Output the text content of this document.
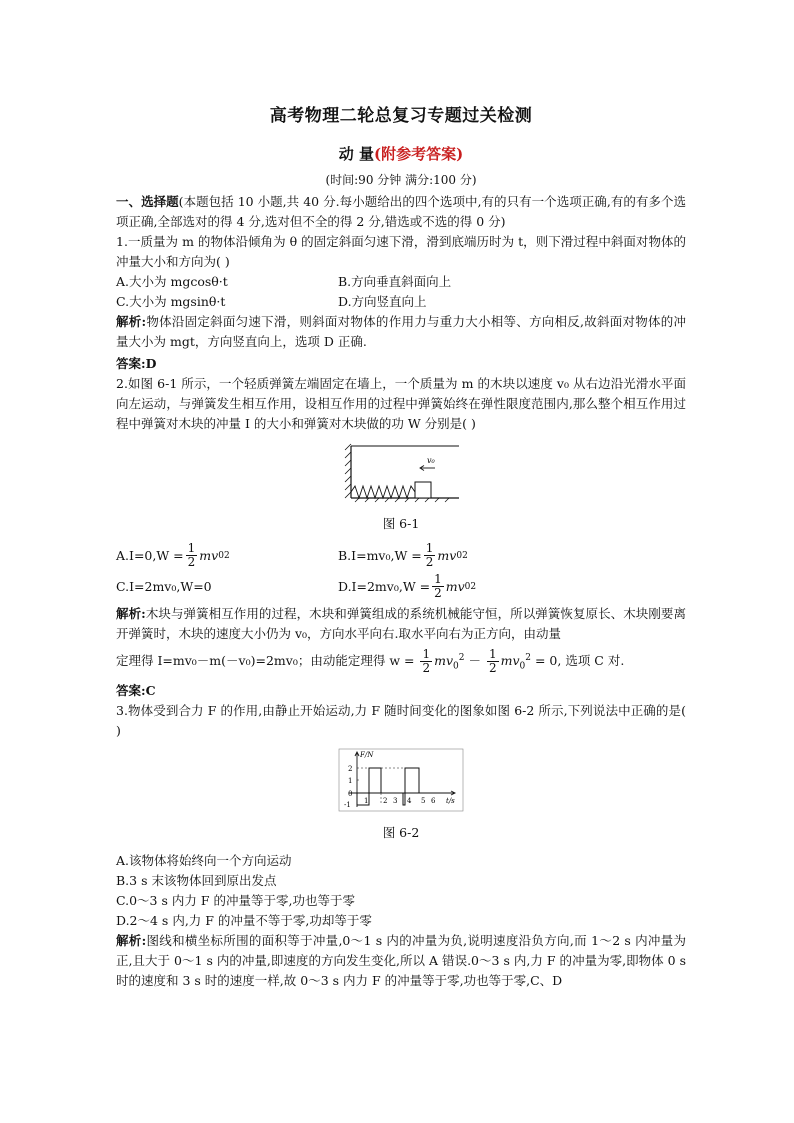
高考物理二轮总复习专题过关检测
动 量(附参考答案)
(时间:90 分钟 满分:100 分)

一、选择题(本题包括 10 小题,共 40 分.每小题给出的四个选项中,有的只有一个选项正确,有的有多个选项正确,全部选对的得 4 分,选对但不全的得 2 分,错选或不选的得 0 分)

1.一质量为 m 的物体沿倾角为 θ 的固定斜面匀速下滑，滑到底端历时为 t，则下滑过程中斜面对物体的冲量大小和方向为( )

A.大小为 mgcosθ·t	B.方向垂直斜面向上
C.大小为 mgsinθ·t	D.方向竖直向上

解析:物体沿固定斜面匀速下滑，则斜面对物体的作用力与重力大小相等、方向相反,故斜面对物体的冲量大小为 mgt，方向竖直向上，选项 D 正确.

答案:D

2.如图 6-1 所示，一个轻质弹簧左端固定在墙上，一个质量为 m 的木块以速度 v₀ 从右边沿光滑水平面向左运动，与弹簧发生相互作用，设相互作用的过程中弹簧始终在弹性限度范围内,那么整个相互作用过程中弹簧对木块的冲量 I 的大小和弹簧对木块做的功 W 分别是( )

v₀
图 6-1
$A.I=0,W = \frac{1}{2}$ mv 0 2	$B.I=mv_0,W = \frac{1}{2}$ mv 0 2
C.I=2mv₀,W=0	$D.I=2mv_0,W = \frac{1}{2}$ mv 0 2

解析:木块与弹簧相互作用的过程，木块和弹簧组成的系统机械能守恒，所以弹簧恢复原长、木块刚要离开弹簧时，木块的速度大小仍为 v₀，方向水平向右.取水平向右为正方向，由动量

定理得 I=mv₀－m(－v₀)=2mv₀；由动能定理得 $w = \frac{1}{2} mv_0^2 - \frac{1}{2} mv_0^2 = 0$, 选项 C 对.

答案:C

3.物体受到合力 F 的作用,由静止开始运动,力 F 随时间变化的图象如图 6-2 所示,下列说法中正确的是( )

F/N
t/s
2
1
0
-1 1 2 3 4 5 6
图 6-2

A.该物体将始终向一个方向运动

B.3 s 末该物体回到原出发点

C.0～3 s 内力 F 的冲量等于零,功也等于零

D.2～4 s 内,力 F 的冲量不等于零,功却等于零

解析:图线和横坐标所围的面积等于冲量,0～1 s 内的冲量为负,说明速度沿负方向,而 1～2 s 内冲量为正,且大于 0～1 s 内的冲量,即速度的方向发生变化,所以 A 错误.0～3 s 内,力 F 的冲量为零,即物体 0 s 时的速度和 3 s 时的速度一样,故 0～3 s 内力 F 的冲量等于零,功也等于零,C、D
